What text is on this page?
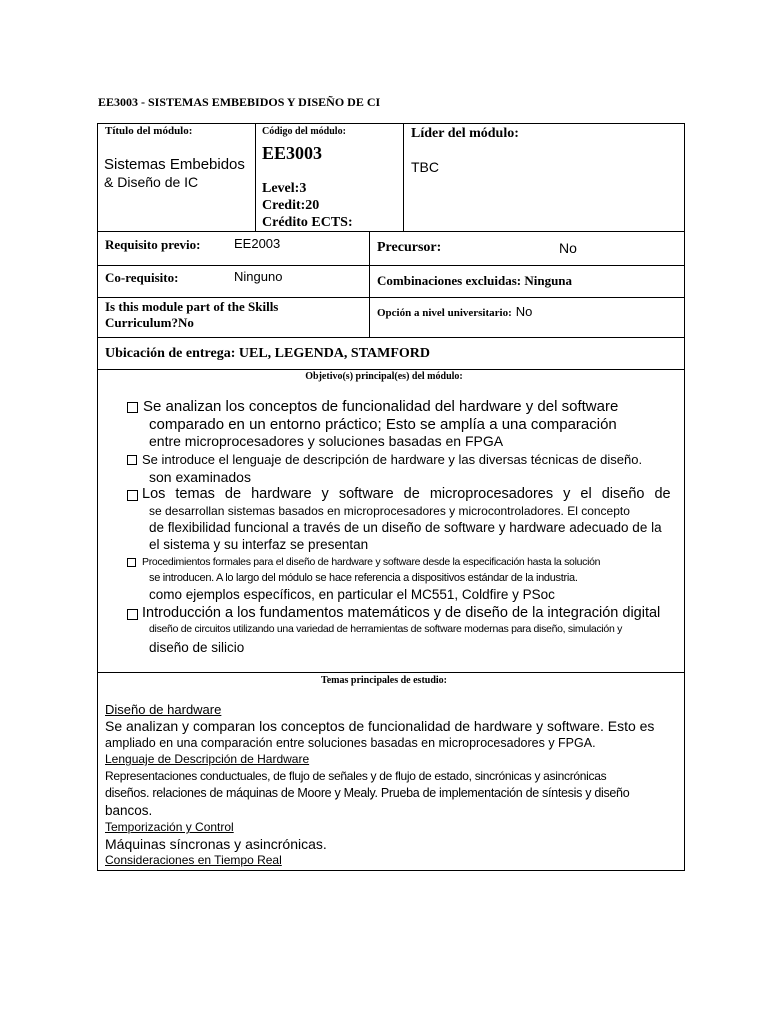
EE3003 - SISTEMAS EMBEBIDOS Y DISEÑO DE CI
Título del módulo:
Sistemas Embebidos
& Diseño de IC
Código del módulo:
EE3003
Level:3
Credit:20
Crédito ECTS:
Líder del módulo:
TBC
Requisito previo:	EE2003	Precursor:	No
Co-requisito:	Ninguno	Combinaciones excluidas: Ninguna
Is this module part of the Skills
Curriculum?No
Opción a nivel universitario: No
Ubicación de entrega: UEL, LEGENDA, STAMFORD
Objetivo(s) principal(es) del módulo:
Se analizan los conceptos de funcionalidad del hardware y del software
comparado en un entorno práctico; Esto se amplía a una comparación
entre microprocesadores y soluciones basadas en FPGA
Se introduce el lenguaje de descripción de hardware y las diversas técnicas de diseño.
son examinados
Los temas de hardware y software de microprocesadores y el diseño de
se desarrollan sistemas basados en microprocesadores y microcontroladores. El concepto
de flexibilidad funcional a través de un diseño de software y hardware adecuado de la
el sistema y su interfaz se presentan
Procedimientos formales para el diseño de hardware y software desde la especificación hasta la solución
se introducen. A lo largo del módulo se hace referencia a dispositivos estándar de la industria.
como ejemplos específicos, en particular el MC551, Coldfire y PSoc
Introducción a los fundamentos matemáticos y de diseño de la integración digital
diseño de circuitos utilizando una variedad de herramientas de software modernas para diseño, simulación y
diseño de silicio
Temas principales de estudio:
Diseño de hardware
Se analizan y comparan los conceptos de funcionalidad de hardware y software. Esto es
ampliado en una comparación entre soluciones basadas en microprocesadores y FPGA.
Lenguaje de Descripción de Hardware
Representaciones conductuales, de flujo de señales y de flujo de estado, sincrónicas y asincrónicas
diseños. relaciones de máquinas de Moore y Mealy. Prueba de implementación de síntesis y diseño
bancos.
Temporización y Control
Máquinas síncronas y asincrónicas.
Consideraciones en Tiempo Real
